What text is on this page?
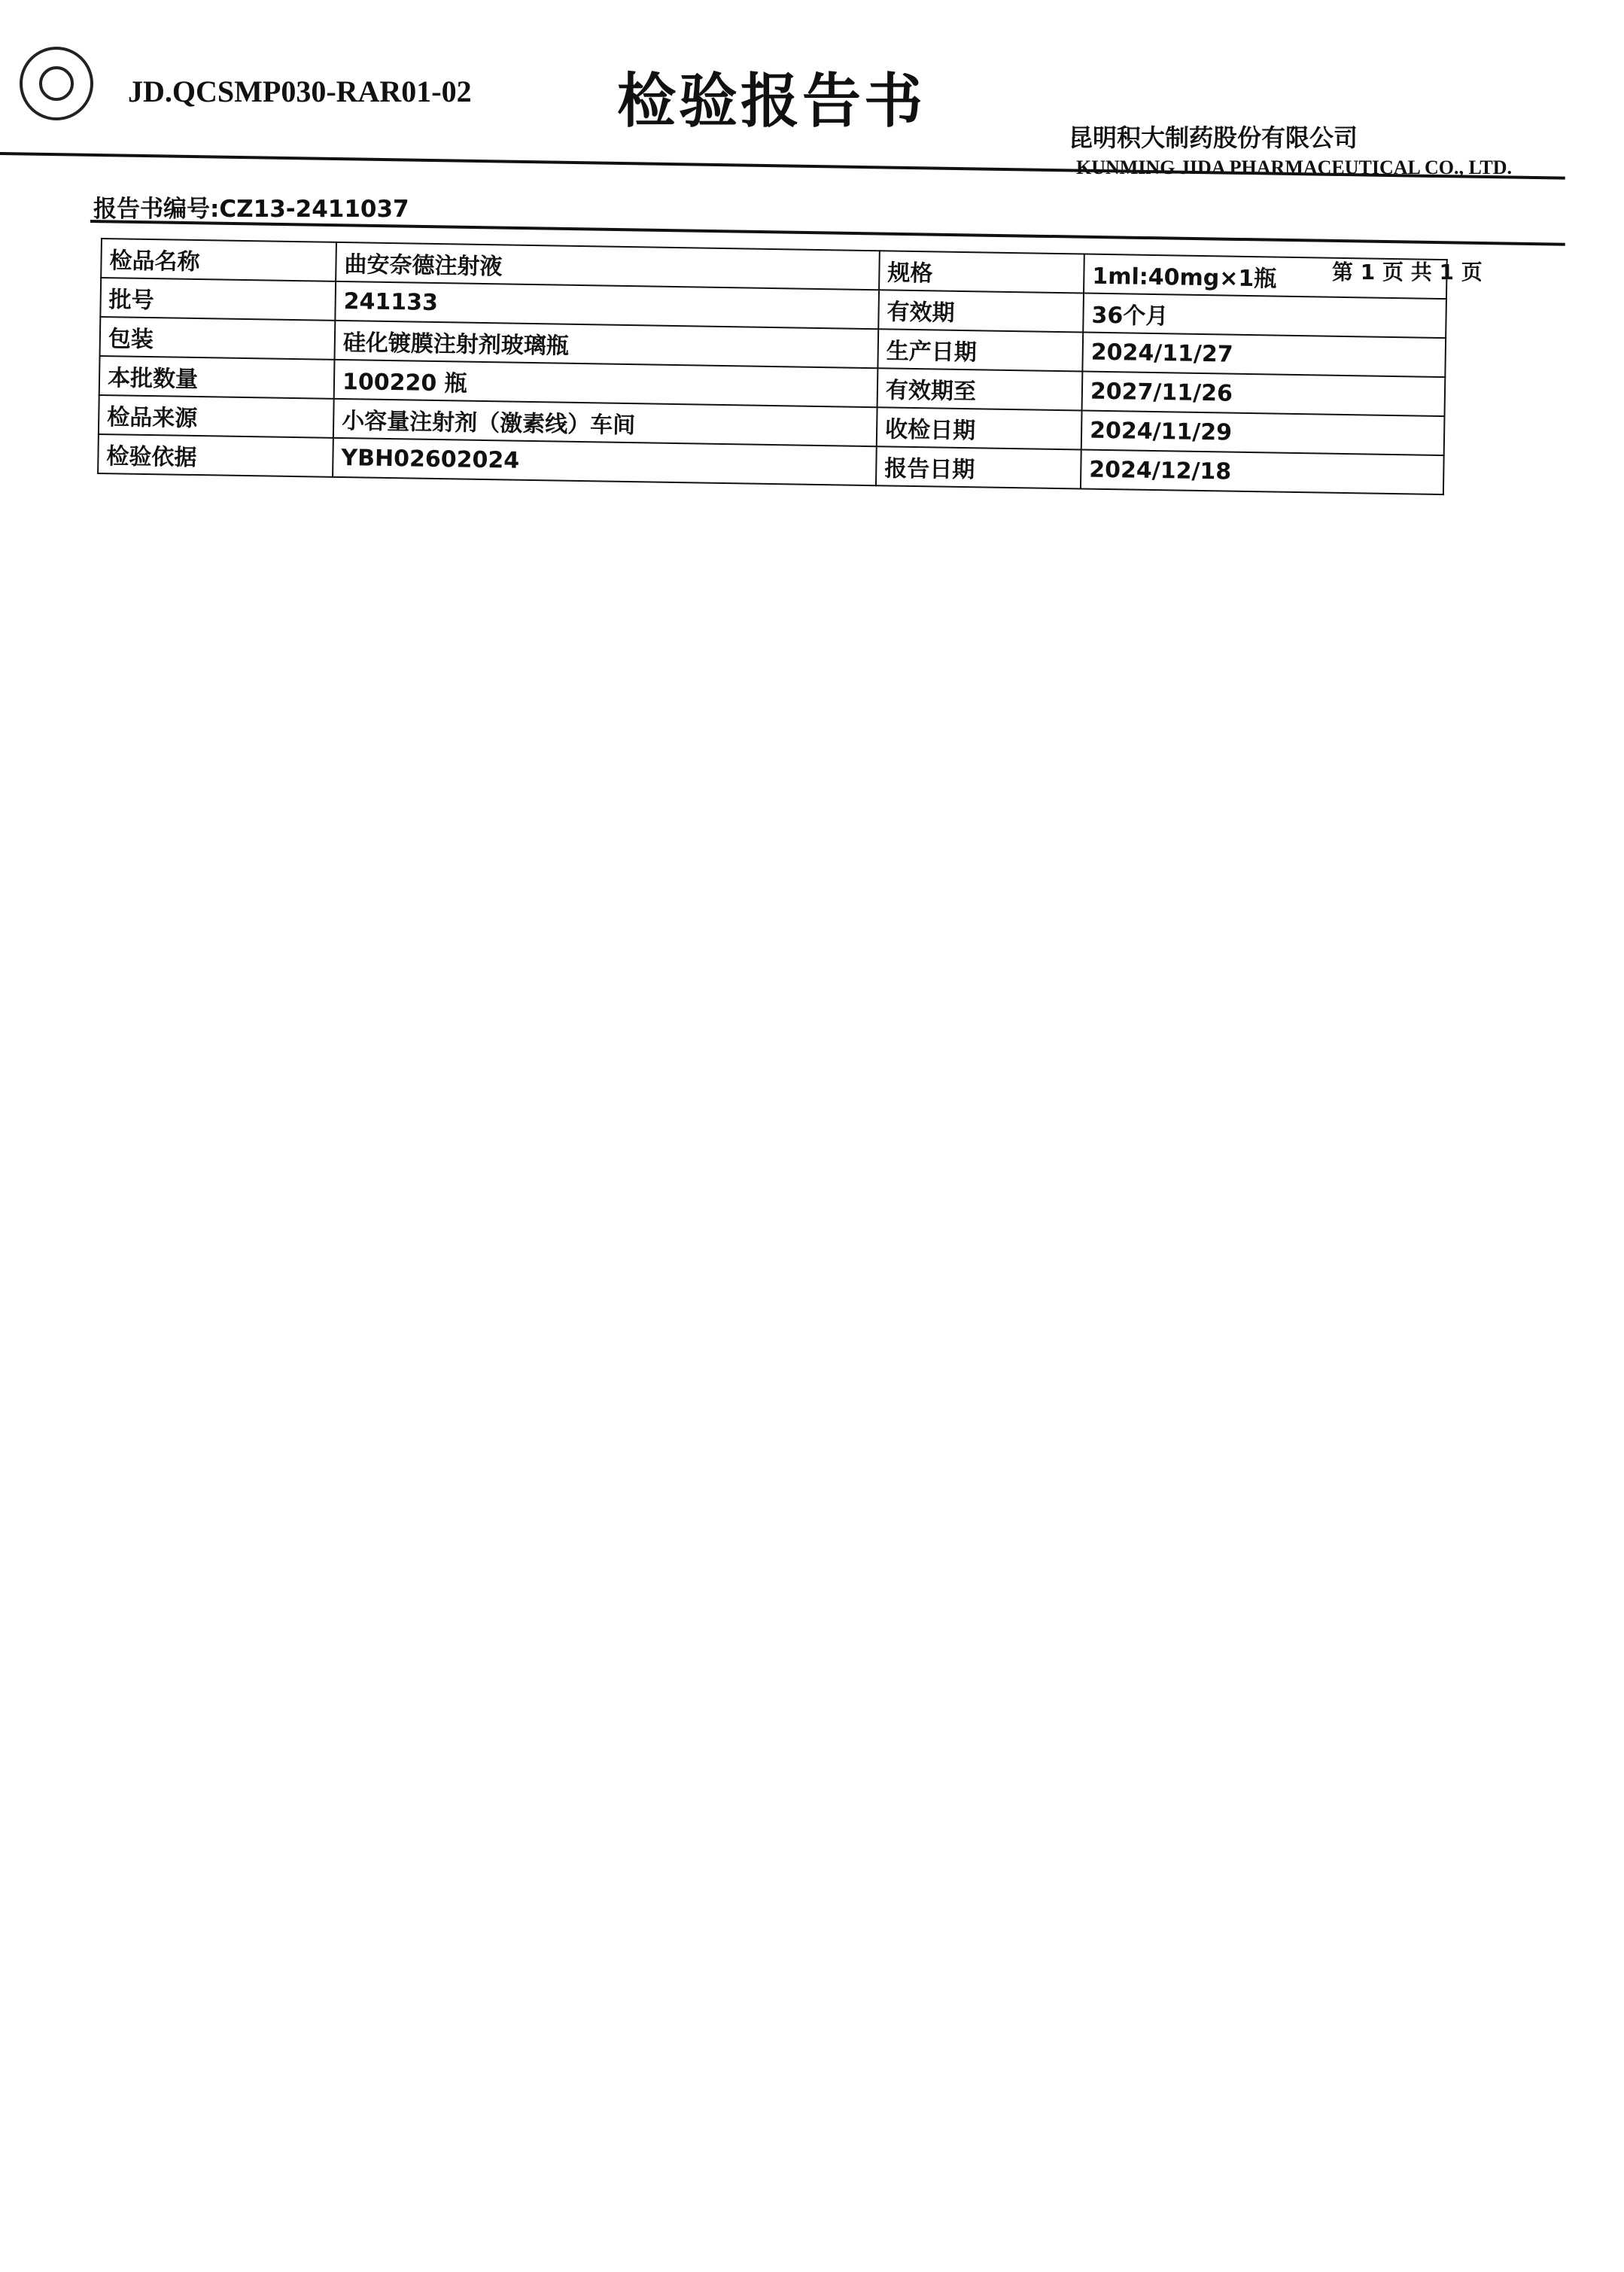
JD.QCSMP030-RAR01-02 检验报告书
昆明积大制药股份有限公司
KUNMING JIDA PHARMACEUTICAL CO., LTD.
报告书编号:CZ13-2411037
第 1 页 共 1 页
检品名称	曲安奈德注射液	规格	1ml:40mg×1瓶
批号	241133	有效期	36个月
包装	硅化镀膜注射剂玻璃瓶	生产日期	2024/11/27
本批数量	100220 瓶	有效期至	2027/11/26
检品来源	小容量注射剂（激素线）车间	收检日期	2024/11/29
检验依据	YBH02602024	报告日期	2024/12/18
